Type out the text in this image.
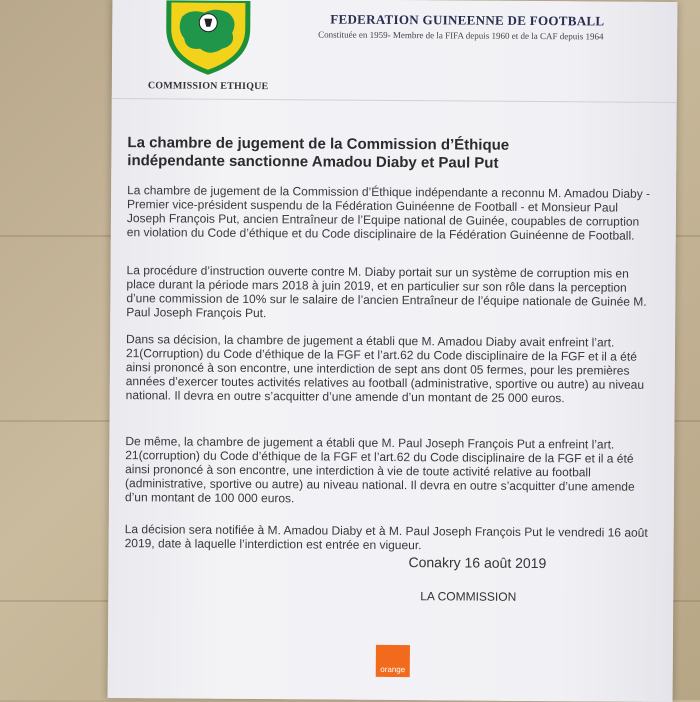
COMMISSION ETHIQUE
FEDERATION GUINEENNE DE FOOTBALL
Constituée en 1959- Membre de la FIFA depuis 1960 et de la CAF depuis 1964
La chambre de jugement de la Commission d’Éthique
indépendante sanctionne Amadou Diaby et Paul Put
La chambre de jugement de la Commission d’Éthique indépendante a reconnu M. Amadou Diaby -Premier vice-président suspendu de la Fédération Guinéenne de Football - et Monsieur Paul Joseph François Put, ancien Entraîneur de l’Equipe national de Guinée, coupables de corruption en violation du Code d’éthique et du Code disciplinaire de la Fédération Guinéenne de Football.
La procédure d’instruction ouverte contre M. Diaby portait sur un système de corruption mis en place durant la période mars 2018 à juin 2019, et en particulier sur son rôle dans la perception d’une commission de 10% sur le salaire de l’ancien Entraîneur de l’équipe nationale de Guinée M. Paul Joseph François Put.
Dans sa décision, la chambre de jugement a établi que M. Amadou Diaby avait enfreint l’art. 21(Corruption) du Code d’éthique de la FGF et l’art.62 du Code disciplinaire de la FGF et il a été ainsi prononcé à son encontre, une interdiction de sept ans dont 05 fermes, pour les premières années d’exercer toutes activités relatives au football (administrative, sportive ou autre) au niveau national. Il devra en outre s’acquitter d’une amende d’un montant de 25 000 euros.
De même, la chambre de jugement a établi que M. Paul Joseph François Put a enfreint l’art. 21(corruption) du Code d’éthique de la FGF et l’art.62 du Code disciplinaire de la FGF et il a été ainsi prononcé à son encontre, une interdiction à vie de toute activité relative au football (administrative, sportive ou autre) au niveau national. Il devra en outre s’acquitter d’une amende d’un montant de 100 000 euros.
La décision sera notifiée à M. Amadou Diaby et à M. Paul Joseph François Put le vendredi 16 août 2019, date à laquelle l’interdiction est entrée en vigueur.
Conakry 16 août 2019
LA COMMISSION
orange
